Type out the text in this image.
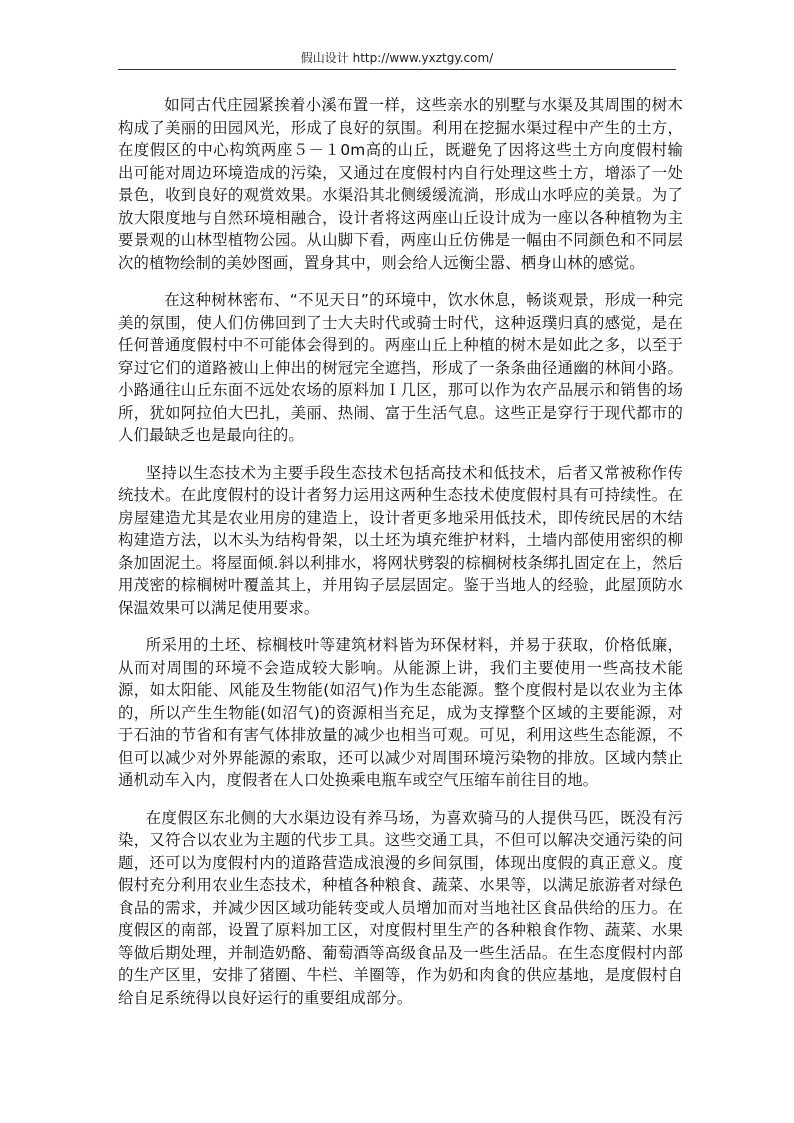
假山设计 http://www.yxztgy.com/

如同古代庄园紧挨着小溪布置一样，这些亲水的别墅与水渠及其周围的树木构成了美丽的田园风光，形成了良好的氛围。利用在挖掘水渠过程中产生的土方，在度假区的中心构筑两座５－１0m高的山丘，既避免了因将这些土方向度假村输出可能对周边环境造成的污染，又通过在度假村内自行处理这些土方，增添了一处景色，收到良好的观赏效果。水渠沿其北侧缓缓流淌，形成山水呼应的美景。为了放大限度地与自然环境相融合，设计者将这两座山丘设计成为一座以各种植物为主要景观的山林型植物公园。从山脚下看，两座山丘仿佛是一幅由不同颜色和不同层次的植物绘制的美妙图画，置身其中，则会给人远衡尘嚣、栖身山林的感觉。

在这种树林密布、“不见天日”的环境中，饮水休息，畅谈观景，形成一种完美的氛围，使人们仿佛回到了士大夫时代或骑士时代，这种返璞归真的感觉，是在任何普通度假村中不可能体会得到的。两座山丘上种植的树木是如此之多，以至于穿过它们的道路被山上伸出的树冠完全遮挡，形成了一条条曲径通幽的林间小路。小路通往山丘东面不远处农场的原料加Ｉ几区，那可以作为农产品展示和销售的场所，犹如阿拉伯大巴扎，美丽、热闹、富于生活气息。这些正是穿行于现代都市的人们最缺乏也是最向往的。

坚持以生态技术为主要手段生态技术包括高技术和低技术，后者又常被称作传统技术。在此度假村的设计者努力运用这两种生态技术使度假村具有可持续性。在房屋建造尤其是农业用房的建造上，设计者更多地采用低技术，即传统民居的木结构建造方法，以木头为结构骨架，以土坯为填充维护材料，土墙内部使用密织的柳条加固泥土。将屋面倾.斜以利排水，将网状劈裂的棕榈树枝条绑扎固定在上，然后用茂密的棕榈树叶覆盖其上，并用钩子层层固定。鉴于当地人的经验，此屋顶防水保温效果可以满足使用要求。

所采用的土坯、棕榈枝叶等建筑材料皆为环保材料，并易于获取，价格低廉，从而对周围的环境不会造成较大影响。从能源上讲，我们主要使用一些高技术能源，如太阳能、风能及生物能(如沼气)作为生态能源。整个度假村是以农业为主体的，所以产生生物能(如沼气)的资源相当充足，成为支撑整个区域的主要能源，对于石油的节省和有害气体排放量的减少也相当可观。可见，利用这些生态能源，不但可以减少对外界能源的索取，还可以减少对周围环境污染物的排放。区域内禁止通机动车入内，度假者在人口处换乘电瓶车或空气压缩车前往目的地。

在度假区东北侧的大水渠边设有养马场，为喜欢骑马的人提供马匹，既没有污染，又符合以农业为主题的代步工具。这些交通工具，不但可以解决交通污染的问题，还可以为度假村内的道路营造成浪漫的乡间氛围，体现出度假的真正意义。度假村充分利用农业生态技术，种植各种粮食、蔬菜、水果等，以满足旅游者对绿色食品的需求，并减少因区域功能转变或人员增加而对当地社区食品供给的压力。在度假区的南部，设置了原料加工区，对度假村里生产的各种粮食作物、蔬菜、水果等做后期处理，并制造奶酪、葡萄酒等高级食品及一些生活品。在生态度假村内部的生产区里，安排了猪圈、牛栏、羊圈等，作为奶和肉食的供应基地，是度假村自给自足系统得以良好运行的重要组成部分。
